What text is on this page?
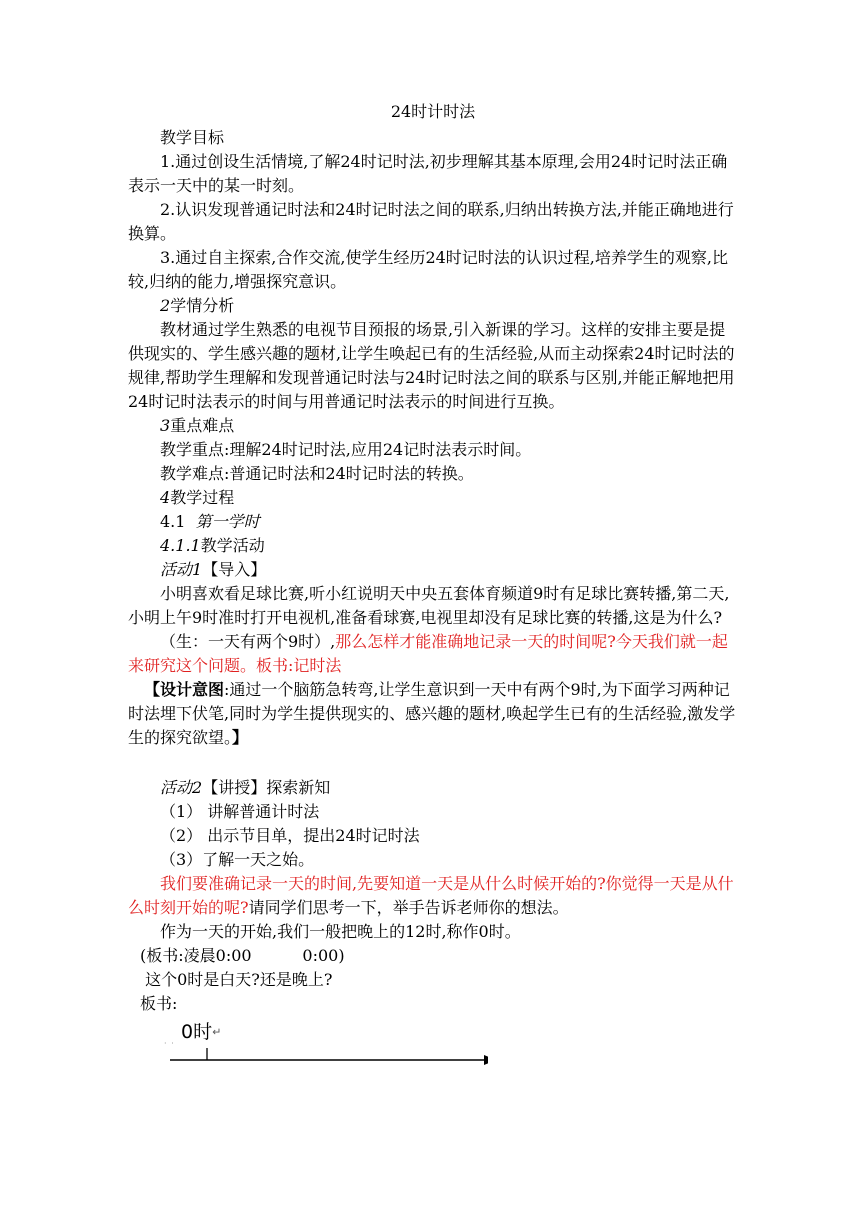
24时计时法

教学目标

1.通过创设生活情境,了解24时记时法,初步理解其基本原理,会用24时记时法正确表示一天中的某一时刻。

2.认识发现普通记时法和24时记时法之间的联系,归纳出转换方法,并能正确地进行换算。

3.通过自主探索,合作交流,使学生经历24时记时法的认识过程,培养学生的观察,比较,归纳的能力,增强探究意识。

2学情分析

教材通过学生熟悉的电视节目预报的场景,引入新课的学习。这样的安排主要是提供现实的、学生感兴趣的题材,让学生唤起已有的生活经验,从而主动探索24时记时法的规律,帮助学生理解和发现普通记时法与24时记时法之间的联系与区别,并能正解地把用24时记时法表示的时间与用普通记时法表示的时间进行互换。

3重点难点

教学重点:理解24时记时法,应用24记时法表示时间。

教学难点:普通记时法和24时记时法的转换。

4教学过程

4.1 第一学时

4.1.1教学活动

活动1【导入】

小明喜欢看足球比赛,听小红说明天中央五套体育频道9时有足球比赛转播,第二天,小明上午9时准时打开电视机,准备看球赛,电视里却没有足球比赛的转播,这是为什么?

（生：一天有两个9时）,那么怎样才能准确地记录一天的时间呢?今天我们就一起来研究这个问题。板书:记时法

【设计意图:通过一个脑筋急转弯,让学生意识到一天中有两个9时,为下面学习两种记时法埋下伏笔,同时为学生提供现实的、感兴趣的题材,唤起学生已有的生活经验,激发学生的探究欲望。】

活动2【讲授】探索新知

（1） 讲解普通计时法

（2） 出示节目单，提出24时记时法

（3）了解一天之始。

我们要准确记录一天的时间,先要知道一天是从什么时候开始的?你觉得一天是从什么时刻开始的呢?请同学们思考一下，举手告诉老师你的想法。

作为一天的开始,我们一般把晚上的12时,称作0时。

(板书:凌晨0:00          0:00)

这个0时是白天?还是晚上?

板书:

· ·
0时↵
